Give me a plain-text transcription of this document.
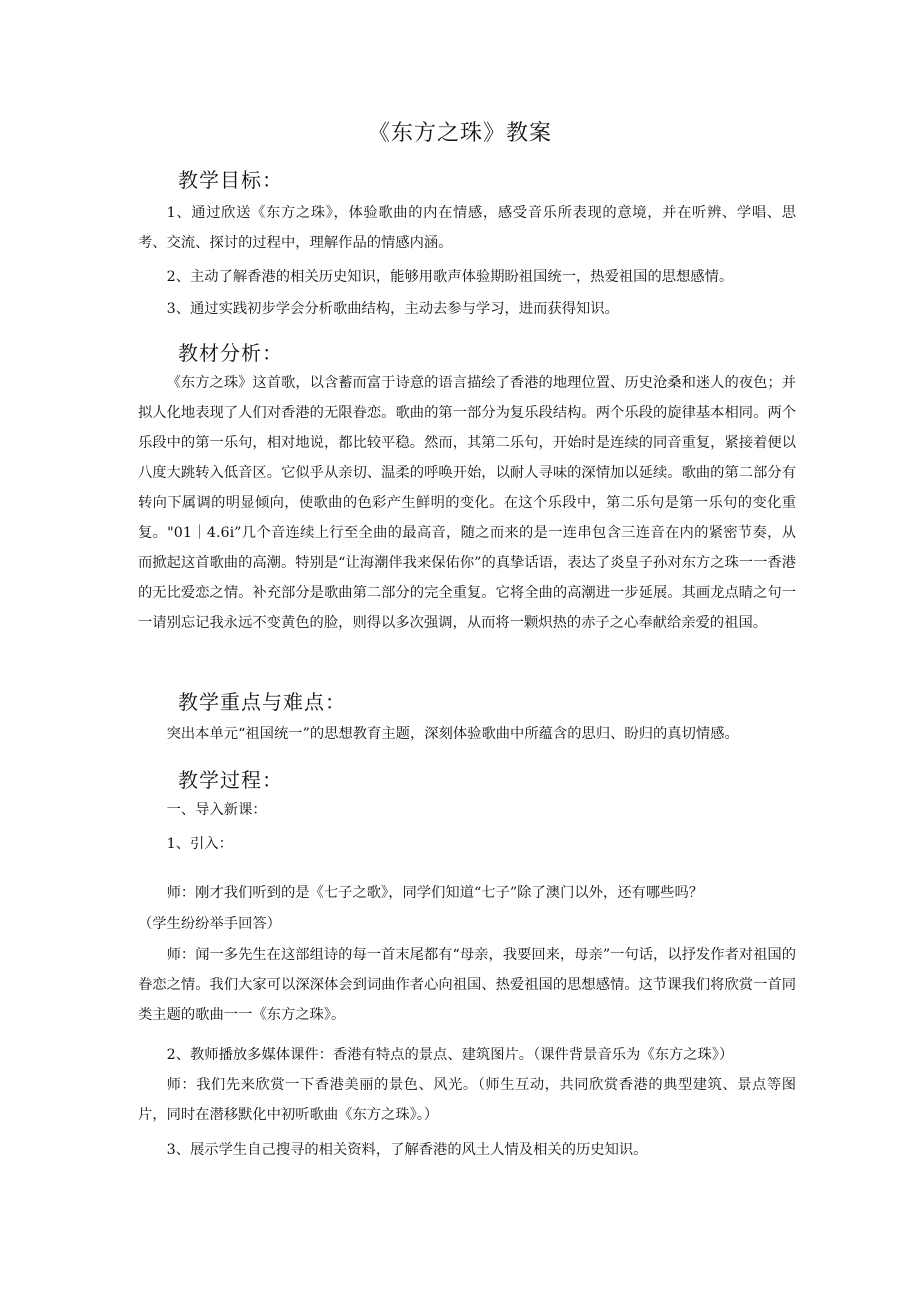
《东方之珠》教案
教学目标：

1、通过欣送《东方之珠》，体验歌曲的内在情感，感受音乐所表现的意境，并在听辨、学唱、思考、交流、探讨的过程中，理解作品的情感内涵。

2、主动了解香港的相关历史知识，能够用歌声体验期盼祖国统一，热爱祖国的思想感情。

3、通过实践初步学会分析歌曲结构，主动去参与学习，进而获得知识。

教材分析：

《东方之珠》这首歌，以含蓄而富于诗意的语言描绘了香港的地理位置、历史沧桑和迷人的夜色；并拟人化地表现了人们对香港的无限眷恋。歌曲的第一部分为复乐段结构。两个乐段的旋律基本相同。两个乐段中的第一乐句，相对地说，都比较平稳。然而，其第二乐句，开始时是连续的同音重复，紧接着便以八度大跳转入低音区。它似乎从亲切、温柔的呼唤开始，以耐人寻味的深情加以延续。歌曲的第二部分有转向下属调的明显倾向，使歌曲的色彩产生鲜明的变化。在这个乐段中，第二乐句是第一乐句的变化重复。"01｜4.6i”几个音连续上行至全曲的最高音，随之而来的是一连串包含三连音在内的紧密节奏，从而掀起这首歌曲的高潮。特别是“让海潮伴我来保佑你”的真挚话语，表达了炎皇子孙对东方之珠一一香港的无比爱恋之情。补充部分是歌曲第二部分的完全重复。它将全曲的高潮进一步延展。其画龙点睛之句一一请别忘记我永远不变黄色的脸，则得以多次强调，从而将一颗炽热的赤子之心奉献给亲爱的祖国。

教学重点与难点：

突出本单元“祖国统一”的思想教育主题，深刻体验歌曲中所蕴含的思归、盼归的真切情感。

教学过程：

一、导入新课：

1、引入：

师：刚才我们听到的是《七子之歌》，同学们知道“七子”除了澳门以外，还有哪些吗？

（学生纷纷举手回答）

师：闻一多先生在这部组诗的每一首末尾都有“母亲，我要回来，母亲”一句话，以抒发作者对祖国的眷恋之情。我们大家可以深深体会到词曲作者心向祖国、热爱祖国的思想感情。这节课我们将欣赏一首同类主题的歌曲一一《东方之珠》。

2、教师播放多媒体课件：香港有特点的景点、建筑图片。（课件背景音乐为《东方之珠》）

师：我们先来欣赏一下香港美丽的景色、风光。（师生互动，共同欣赏香港的典型建筑、景点等图片，同时在潜移默化中初听歌曲《东方之珠》。）

3、展示学生自己搜寻的相关资料，了解香港的风土人情及相关的历史知识。
